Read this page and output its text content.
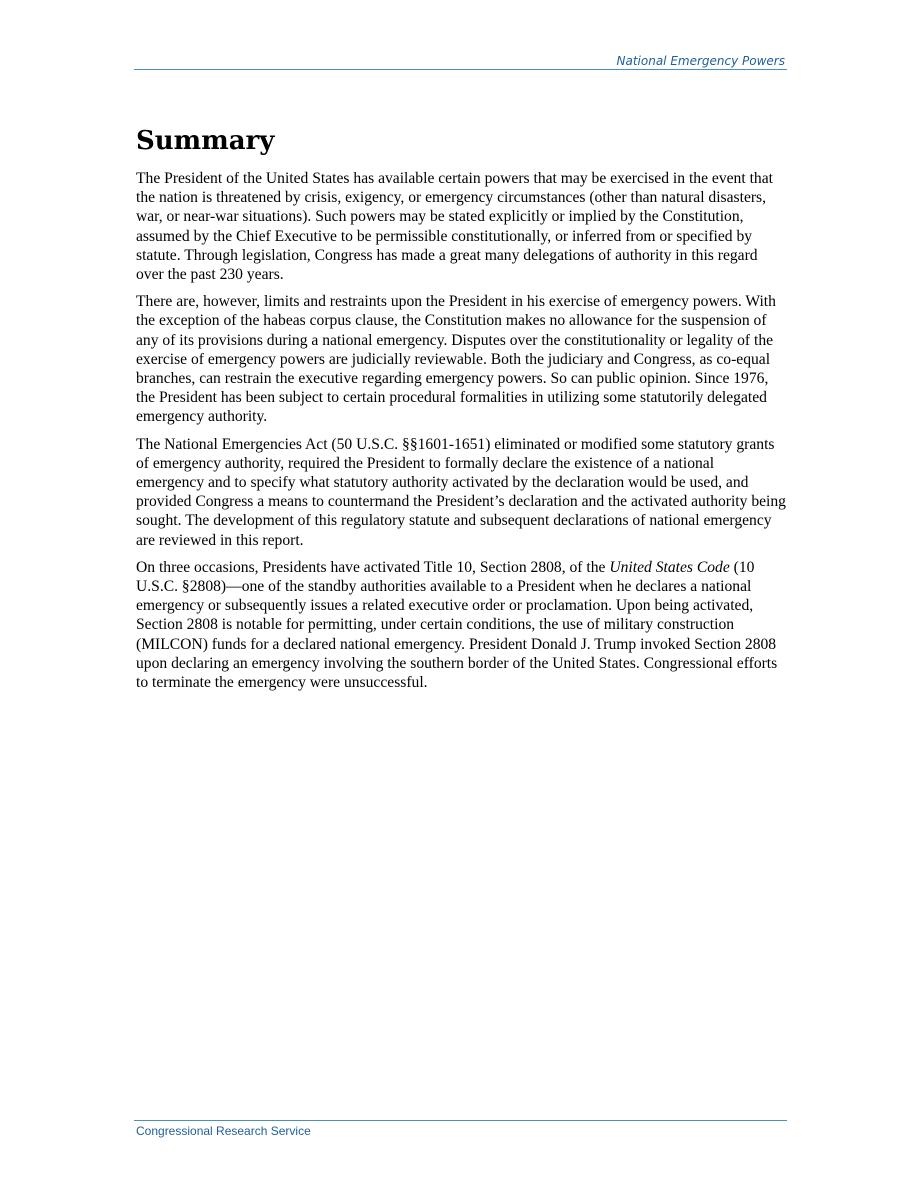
National Emergency Powers
Summary

The President of the United States has available certain powers that may be exercised in the event that the nation is threatened by crisis, exigency, or emergency circumstances (other than natural disasters, war, or near-war situations). Such powers may be stated explicitly or implied by the Constitution, assumed by the Chief Executive to be permissible constitutionally, or inferred from or specified by statute. Through legislation, Congress has made a great many delegations of authority in this regard over the past 230 years.

There are, however, limits and restraints upon the President in his exercise of emergency powers. With the exception of the habeas corpus clause, the Constitution makes no allowance for the suspension of any of its provisions during a national emergency. Disputes over the constitutionality or legality of the exercise of emergency powers are judicially reviewable. Both the judiciary and Congress, as co-equal branches, can restrain the executive regarding emergency powers. So can public opinion. Since 1976, the President has been subject to certain procedural formalities in utilizing some statutorily delegated emergency authority.

The National Emergencies Act (50 U.S.C. §§1601-1651) eliminated or modified some statutory grants of emergency authority, required the President to formally declare the existence of a national emergency and to specify what statutory authority activated by the declaration would be used, and provided Congress a means to countermand the President’s declaration and the activated authority being sought. The development of this regulatory statute and subsequent declarations of national emergency are reviewed in this report.

On three occasions, Presidents have activated Title 10, Section 2808, of the United States Code (10 U.S.C. §2808)—one of the standby authorities available to a President when he declares a national emergency or subsequently issues a related executive order or proclamation. Upon being activated, Section 2808 is notable for permitting, under certain conditions, the use of military construction (MILCON) funds for a declared national emergency. President Donald J. Trump invoked Section 2808 upon declaring an emergency involving the southern border of the United States. Congressional efforts to terminate the emergency were unsuccessful.

Congressional Research Service
